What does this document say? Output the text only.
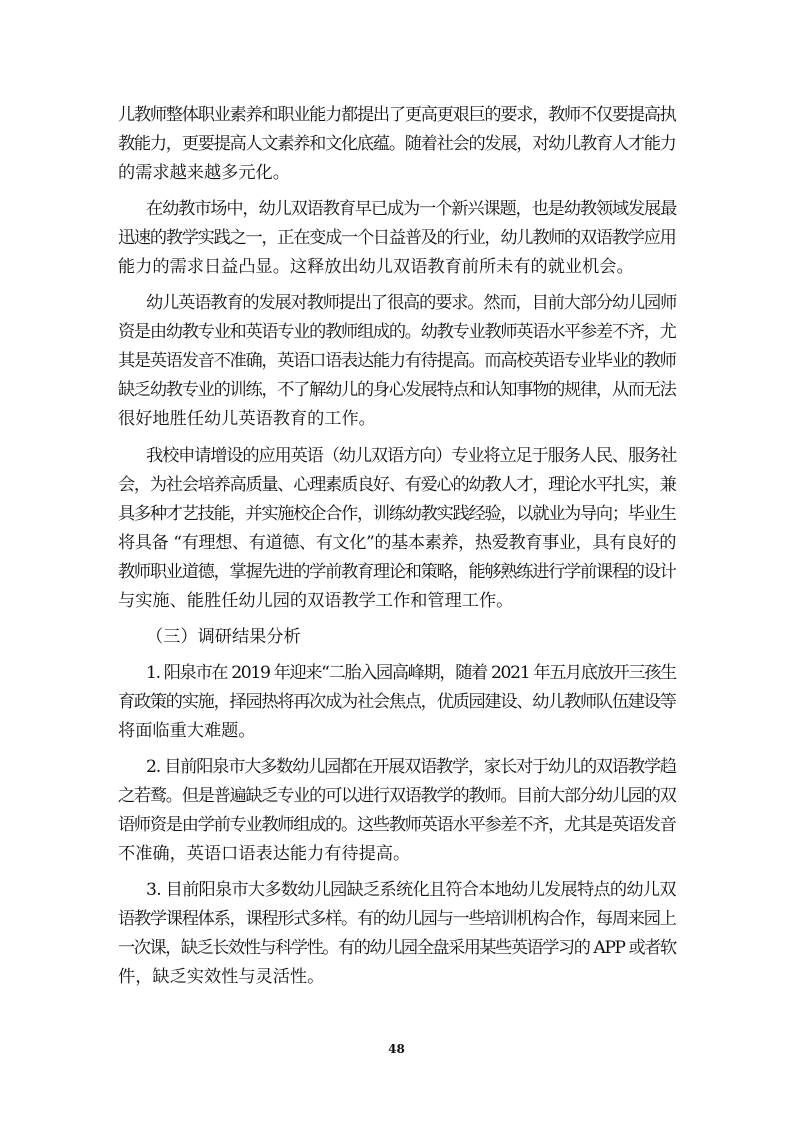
儿教师整体职业素养和职业能力都提出了更高更艰巨的要求，教师不仅要提高执
教能力，更要提高人文素养和文化底蕴。随着社会的发展，对幼儿教育人才能力
的需求越来越多元化。
在幼教市场中，幼儿双语教育早已成为一个新兴课题，也是幼教领域发展最
迅速的教学实践之一，正在变成一个日益普及的行业，幼儿教师的双语教学应用
能力的需求日益凸显。这释放出幼儿双语教育前所未有的就业机会。
幼儿英语教育的发展对教师提出了很高的要求。然而，目前大部分幼儿园师
资是由幼教专业和英语专业的教师组成的。幼教专业教师英语水平参差不齐，尤
其是英语发音不准确，英语口语表达能力有待提高。而高校英语专业毕业的教师
缺乏幼教专业的训练，不了解幼儿的身心发展特点和认知事物的规律，从而无法
很好地胜任幼儿英语教育的工作。
我校申请增设的应用英语（幼儿双语方向）专业将立足于服务人民、服务社
会，为社会培养高质量、心理素质良好、有爱心的幼教人才，理论水平扎实，兼
具多种才艺技能，并实施校企合作，训练幼教实践经验，以就业为导向；毕业生
将具备 “有理想、有道德、有文化”的基本素养，热爱教育事业，具有良好的
教师职业道德，掌握先进的学前教育理论和策略，能够熟练进行学前课程的设计
与实施、能胜任幼儿园的双语教学工作和管理工作。
（三）调研结果分析
1. 阳泉市在 2019 年迎来“二胎入园高峰期，随着 2021 年五月底放开三孩生
育政策的实施，择园热将再次成为社会焦点，优质园建设、幼儿教师队伍建设等
将面临重大难题。
2. 目前阳泉市大多数幼儿园都在开展双语教学，家长对于幼儿的双语教学趋
之若鹜。但是普遍缺乏专业的可以进行双语教学的教师。目前大部分幼儿园的双
语师资是由学前专业教师组成的。这些教师英语水平参差不齐，尤其是英语发音
不准确，英语口语表达能力有待提高。
3. 目前阳泉市大多数幼儿园缺乏系统化且符合本地幼儿发展特点的幼儿双
语教学课程体系，课程形式多样。有的幼儿园与一些培训机构合作，每周来园上
一次课，缺乏长效性与科学性。有的幼儿园全盘采用某些英语学习的 APP 或者软
件，缺乏实效性与灵活性。
48
